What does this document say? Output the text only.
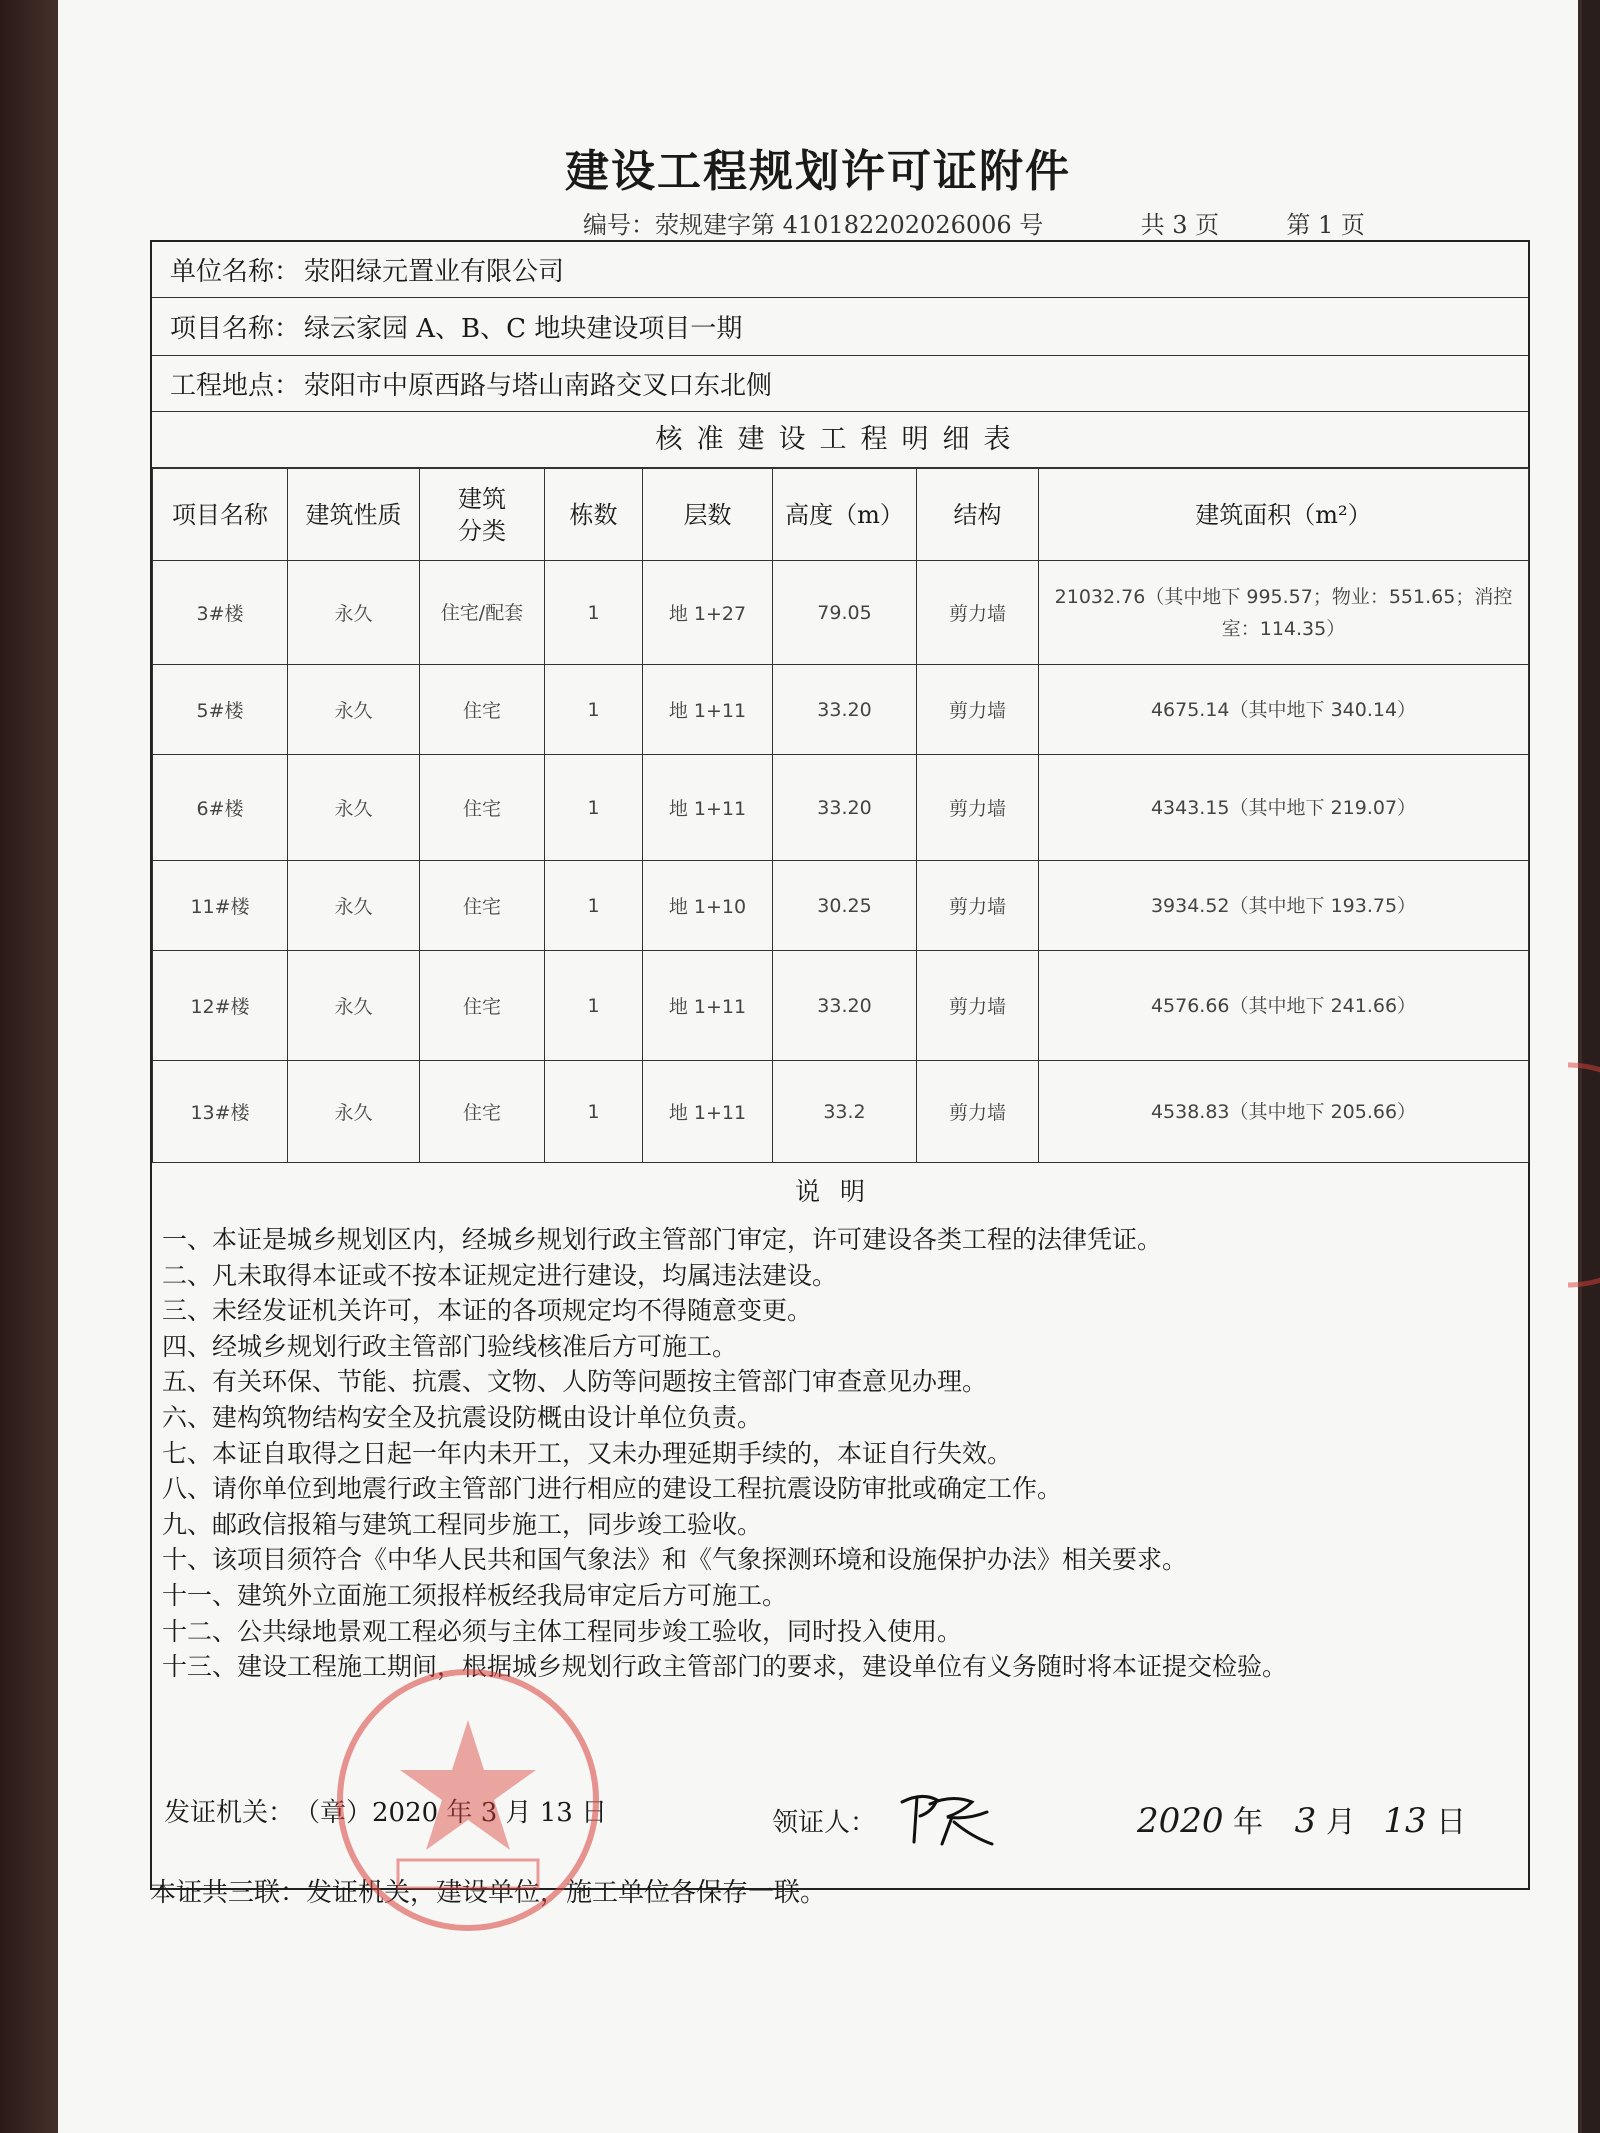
建设工程规划许可证附件
编号：荥规建字第 410182202026006 号	共 3 页	第 1 页
单位名称： 荥阳绿元置业有限公司
项目名称： 绿云家园 A、B、C 地块建设项目一期
工程地点： 荥阳市中原西路与塔山南路交叉口东北侧
核准建设工程明细表
项目名称	建筑性质	建筑分类	栋数	层数	高度（m）	结构	建筑面积（m²）
3#楼	永久	住宅/配套	1	地 1+27	79.05	剪力墙	21032.76（其中地下 995.57；物业：551.65；消控室：114.35）
5#楼	永久	住宅	1	地 1+11	33.20	剪力墙	4675.14（其中地下 340.14）
6#楼	永久	住宅	1	地 1+11	33.20	剪力墙	4343.15（其中地下 219.07）
11#楼	永久	住宅	1	地 1+10	30.25	剪力墙	3934.52（其中地下 193.75）
12#楼	永久	住宅	1	地 1+11	33.20	剪力墙	4576.66（其中地下 241.66）
13#楼	永久	住宅	1	地 1+11	33.2	剪力墙	4538.83（其中地下 205.66）
说明
一、本证是城乡规划区内，经城乡规划行政主管部门审定，许可建设各类工程的法律凭证。
二、凡未取得本证或不按本证规定进行建设，均属违法建设。
三、未经发证机关许可，本证的各项规定均不得随意变更。
四、经城乡规划行政主管部门验线核准后方可施工。
五、有关环保、节能、抗震、文物、人防等问题按主管部门审查意见办理。
六、建构筑物结构安全及抗震设防概由设计单位负责。
七、本证自取得之日起一年内未开工，又未办理延期手续的，本证自行失效。
八、请你单位到地震行政主管部门进行相应的建设工程抗震设防审批或确定工作。
九、邮政信报箱与建筑工程同步施工，同步竣工验收。
十、该项目须符合《中华人民共和国气象法》和《气象探测环境和设施保护办法》相关要求。
十一、建筑外立面施工须报样板经我局审定后方可施工。
十二、公共绿地景观工程必须与主体工程同步竣工验收，同时投入使用。
十三、建设工程施工期间，根据城乡规划行政主管部门的要求，建设单位有义务随时将本证提交检验。
发证机关：　（章）2020 年 3 月 13 日	领证人：	2020 年 3 月 13 日
本证共三联：发证机关，建设单位，施工单位各保存一联。
